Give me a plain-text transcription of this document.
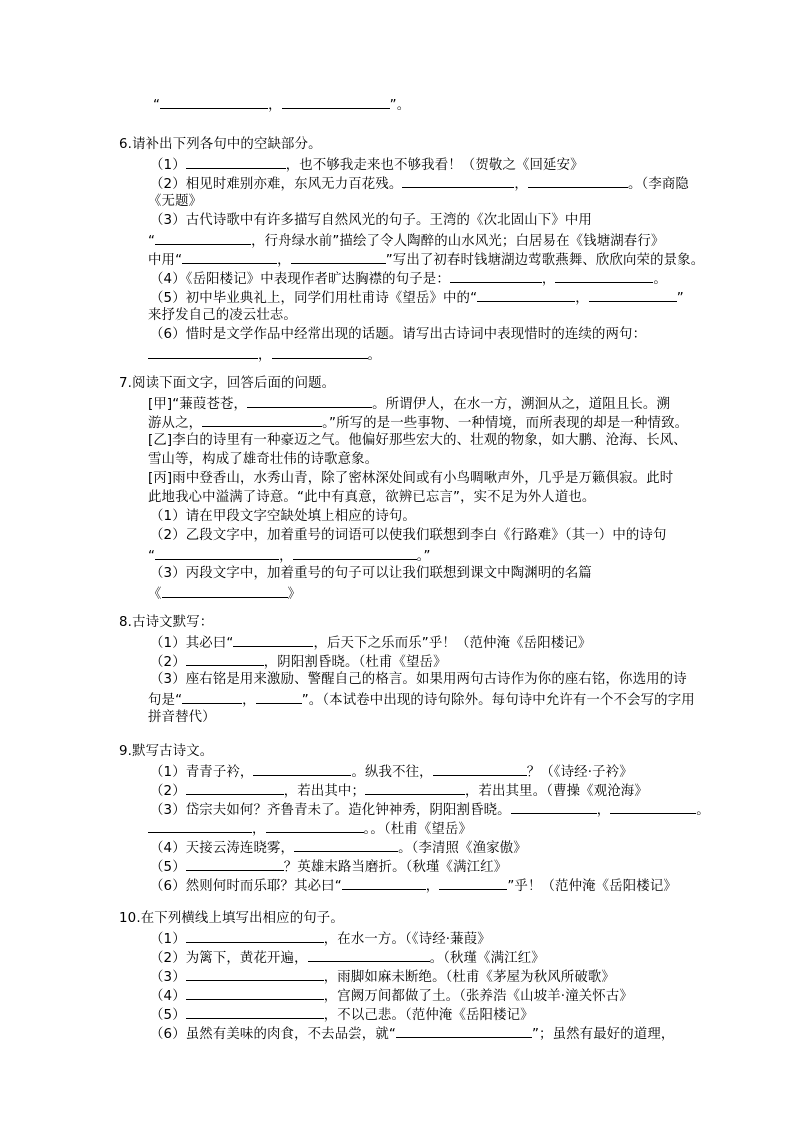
“	，	”。
6.请补出下列各句中的空缺部分。
（1）	，也不够我走来也不够我看！（贺敬之《回延安》
（2）相见时难别亦难，东风无力百花残。	，	。（李商隐
《无题》
（3）古代诗歌中有许多描写自然风光的句子。王湾的《次北固山下》中用
“	，行舟绿水前”描绘了令人陶醉的山水风光；白居易在《钱塘湖春行》
中用“	，	”写出了初春时钱塘湖边莺歌燕舞、欣欣向荣的景象。
（4）《岳阳楼记》中表现作者旷达胸襟的句子是：	，	。
（5）初中毕业典礼上，同学们用杜甫诗《望岳》中的“	，	”
来抒发自己的凌云壮志。
（6）惜时是文学作品中经常出现的话题。请写出古诗词中表现惜时的连续的两句：
，	。
7.阅读下面文字，回答后面的问题。
[甲]“蒹葭苍苍，	。所谓伊人，在水一方，溯洄从之，道阻且长。溯
游从之，	。”所写的是一些事物、一种情境，而所表现的却是一种情致。
[乙]李白的诗里有一种豪迈之气。他偏好那些宏大的、壮观的物象，如大鹏、沧海、长风、
雪山等，构成了雄奇壮伟的诗歌意象。
[丙]雨中登香山，水秀山青，除了密林深处间或有小鸟啁啾声外，几乎是万籁俱寂。此时
此地我心中溢满了诗意。“此中有真意，欲辨已忘言”，实不足为外人道也。
（1）请在甲段文字空缺处填上相应的诗句。
（2）乙段文字中，加着重号的词语可以使我们联想到李白《行路难》（其一）中的诗句
“	，	。”
（3）丙段文字中，加着重号的句子可以让我们联想到课文中陶渊明的名篇
《	》
8.古诗文默写：
（1）其必曰“	，后天下之乐而乐”乎！（范仲淹《岳阳楼记》
（2）	，阴阳割昏晓。（杜甫《望岳》
（3）座右铭是用来激励、警醒自己的格言。如果用两句古诗作为你的座右铭，你选用的诗
句是“	，	”。（本试卷中出现的诗句除外。每句诗中允许有一个不会写的字用
拼音替代）
9.默写古诗文。
（1）青青子衿，	。纵我不往，	？（《诗经·子衿》
（2）	，若出其中；	，若出其里。（曹操《观沧海》
（3）岱宗夫如何？齐鲁青未了。造化钟神秀，阴阳割昏晓。	，	。
，	。。（杜甫《望岳》
（4）天接云涛连晓雾，	。（李清照《渔家傲》
（5）	？英雄末路当磨折。（秋瑾《满江红》
（6）然则何时而乐耶？其必曰“	，	”乎！（范仲淹《岳阳楼记》
10.在下列横线上填写出相应的句子。
（1）	，在水一方。（《诗经·蒹葭》
（2）为篱下，黄花开遍，	。（秋瑾《满江红》
（3）	，雨脚如麻未断绝。（杜甫《茅屋为秋风所破歌》
（4）	，宫阙万间都做了土。（张养浩《山坡羊·潼关怀古》
（5）	，不以己悲。（范仲淹《岳阳楼记》
（6）虽然有美味的肉食，不去品尝，就“	”；虽然有最好的道理，
